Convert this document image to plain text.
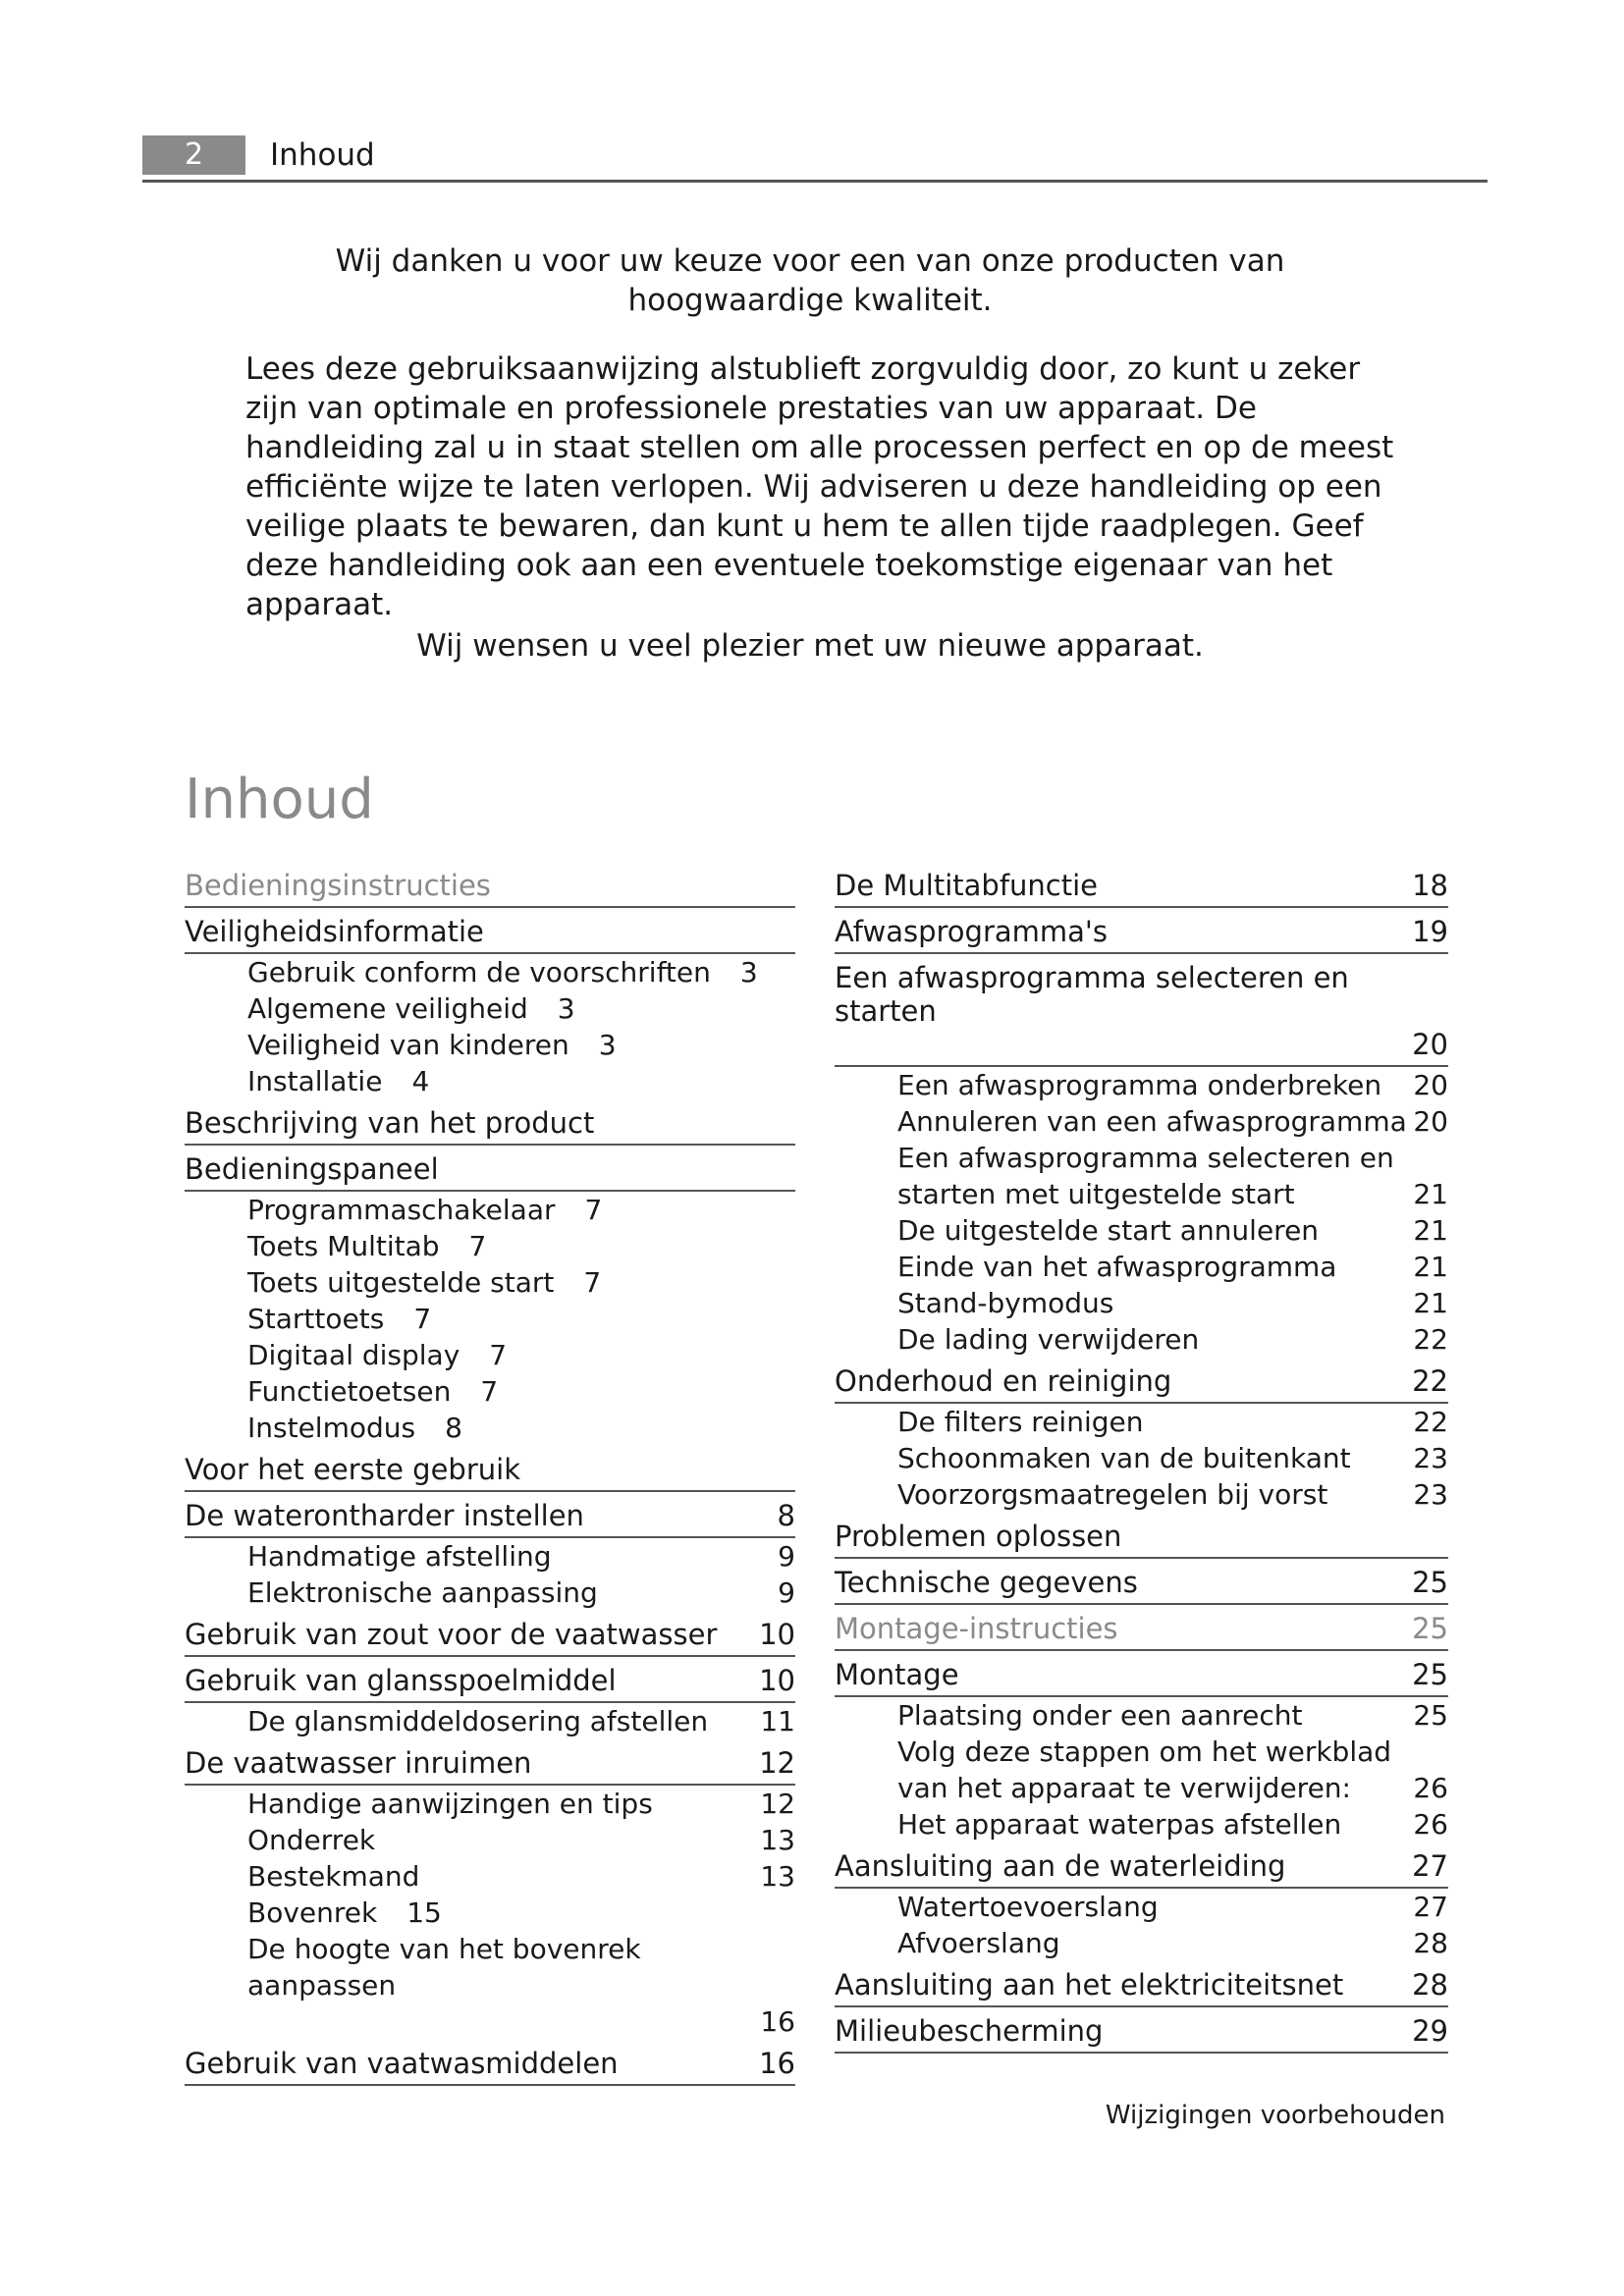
2	Inhoud
Wij danken u voor uw keuze voor een van onze producten van hoogwaardige kwaliteit.
Lees deze gebruiksaanwijzing alstublieft zorgvuldig door, zo kunt u zeker zijn van optimale en professionele prestaties van uw apparaat. De handleiding zal u in staat stellen om alle processen perfect en op de meest efficiënte wijze te laten verlopen. Wij adviseren u deze handleiding op een veilige plaats te bewaren, dan kunt u hem te allen tijde raadplegen. Geef deze handleiding ook aan een eventuele toekomstige eigenaar van het apparaat.
Wij wensen u veel plezier met uw nieuwe apparaat.
Inhoud
Bedieningsinstructies
Veiligheidsinformatie
Gebruik conform de voorschriften 3
Algemene veiligheid 3
Veiligheid van kinderen 3
Installatie 4
Beschrijving van het product
Bedieningspaneel
Programmaschakelaar 7
Toets Multitab 7
Toets uitgestelde start 7
Starttoets 7
Digitaal display 7
Functietoetsen 7
Instelmodus 8
Voor het eerste gebruik
De waterontharder instellen	8
Handmatige afstelling	9
Elektronische aanpassing	9
Gebruik van zout voor de vaatwasser 10
Gebruik van glansspoelmiddel	10
De glansmiddeldosering afstellen 11
De vaatwasser inruimen	12
Handige aanwijzingen en tips	12
Onderrek	13
Bestekmand	13
Bovenrek 15
De hoogte van het bovenrek aanpassen
16
Gebruik van vaatwasmiddelen	16
De Multitabfunctie	18
Afwasprogramma's	19
Een afwasprogramma selecteren en starten
20
Een afwasprogramma onderbreken 20
Annuleren van een afwasprogramma 20
Een afwasprogramma selecteren en starten met uitgestelde start	21
De uitgestelde start annuleren	21
Einde van het afwasprogramma	21
Stand-bymodus	21
De lading verwijderen	22
Onderhoud en reiniging	22
De filters reinigen	22
Schoonmaken van de buitenkant 23
Voorzorgsmaatregelen bij vorst	23
Problemen oplossen
Technische gegevens	25
Montage-instructies	25
Montage	25
Plaatsing onder een aanrecht	25
Volg deze stappen om het werkblad van het apparaat te verwijderen: 26
Het apparaat waterpas afstellen	26
Aansluiting aan de waterleiding	27
Watertoevoerslang	27
Afvoerslang	28
Aansluiting aan het elektriciteitsnet 28
Milieubescherming	29
Wijzigingen voorbehouden
